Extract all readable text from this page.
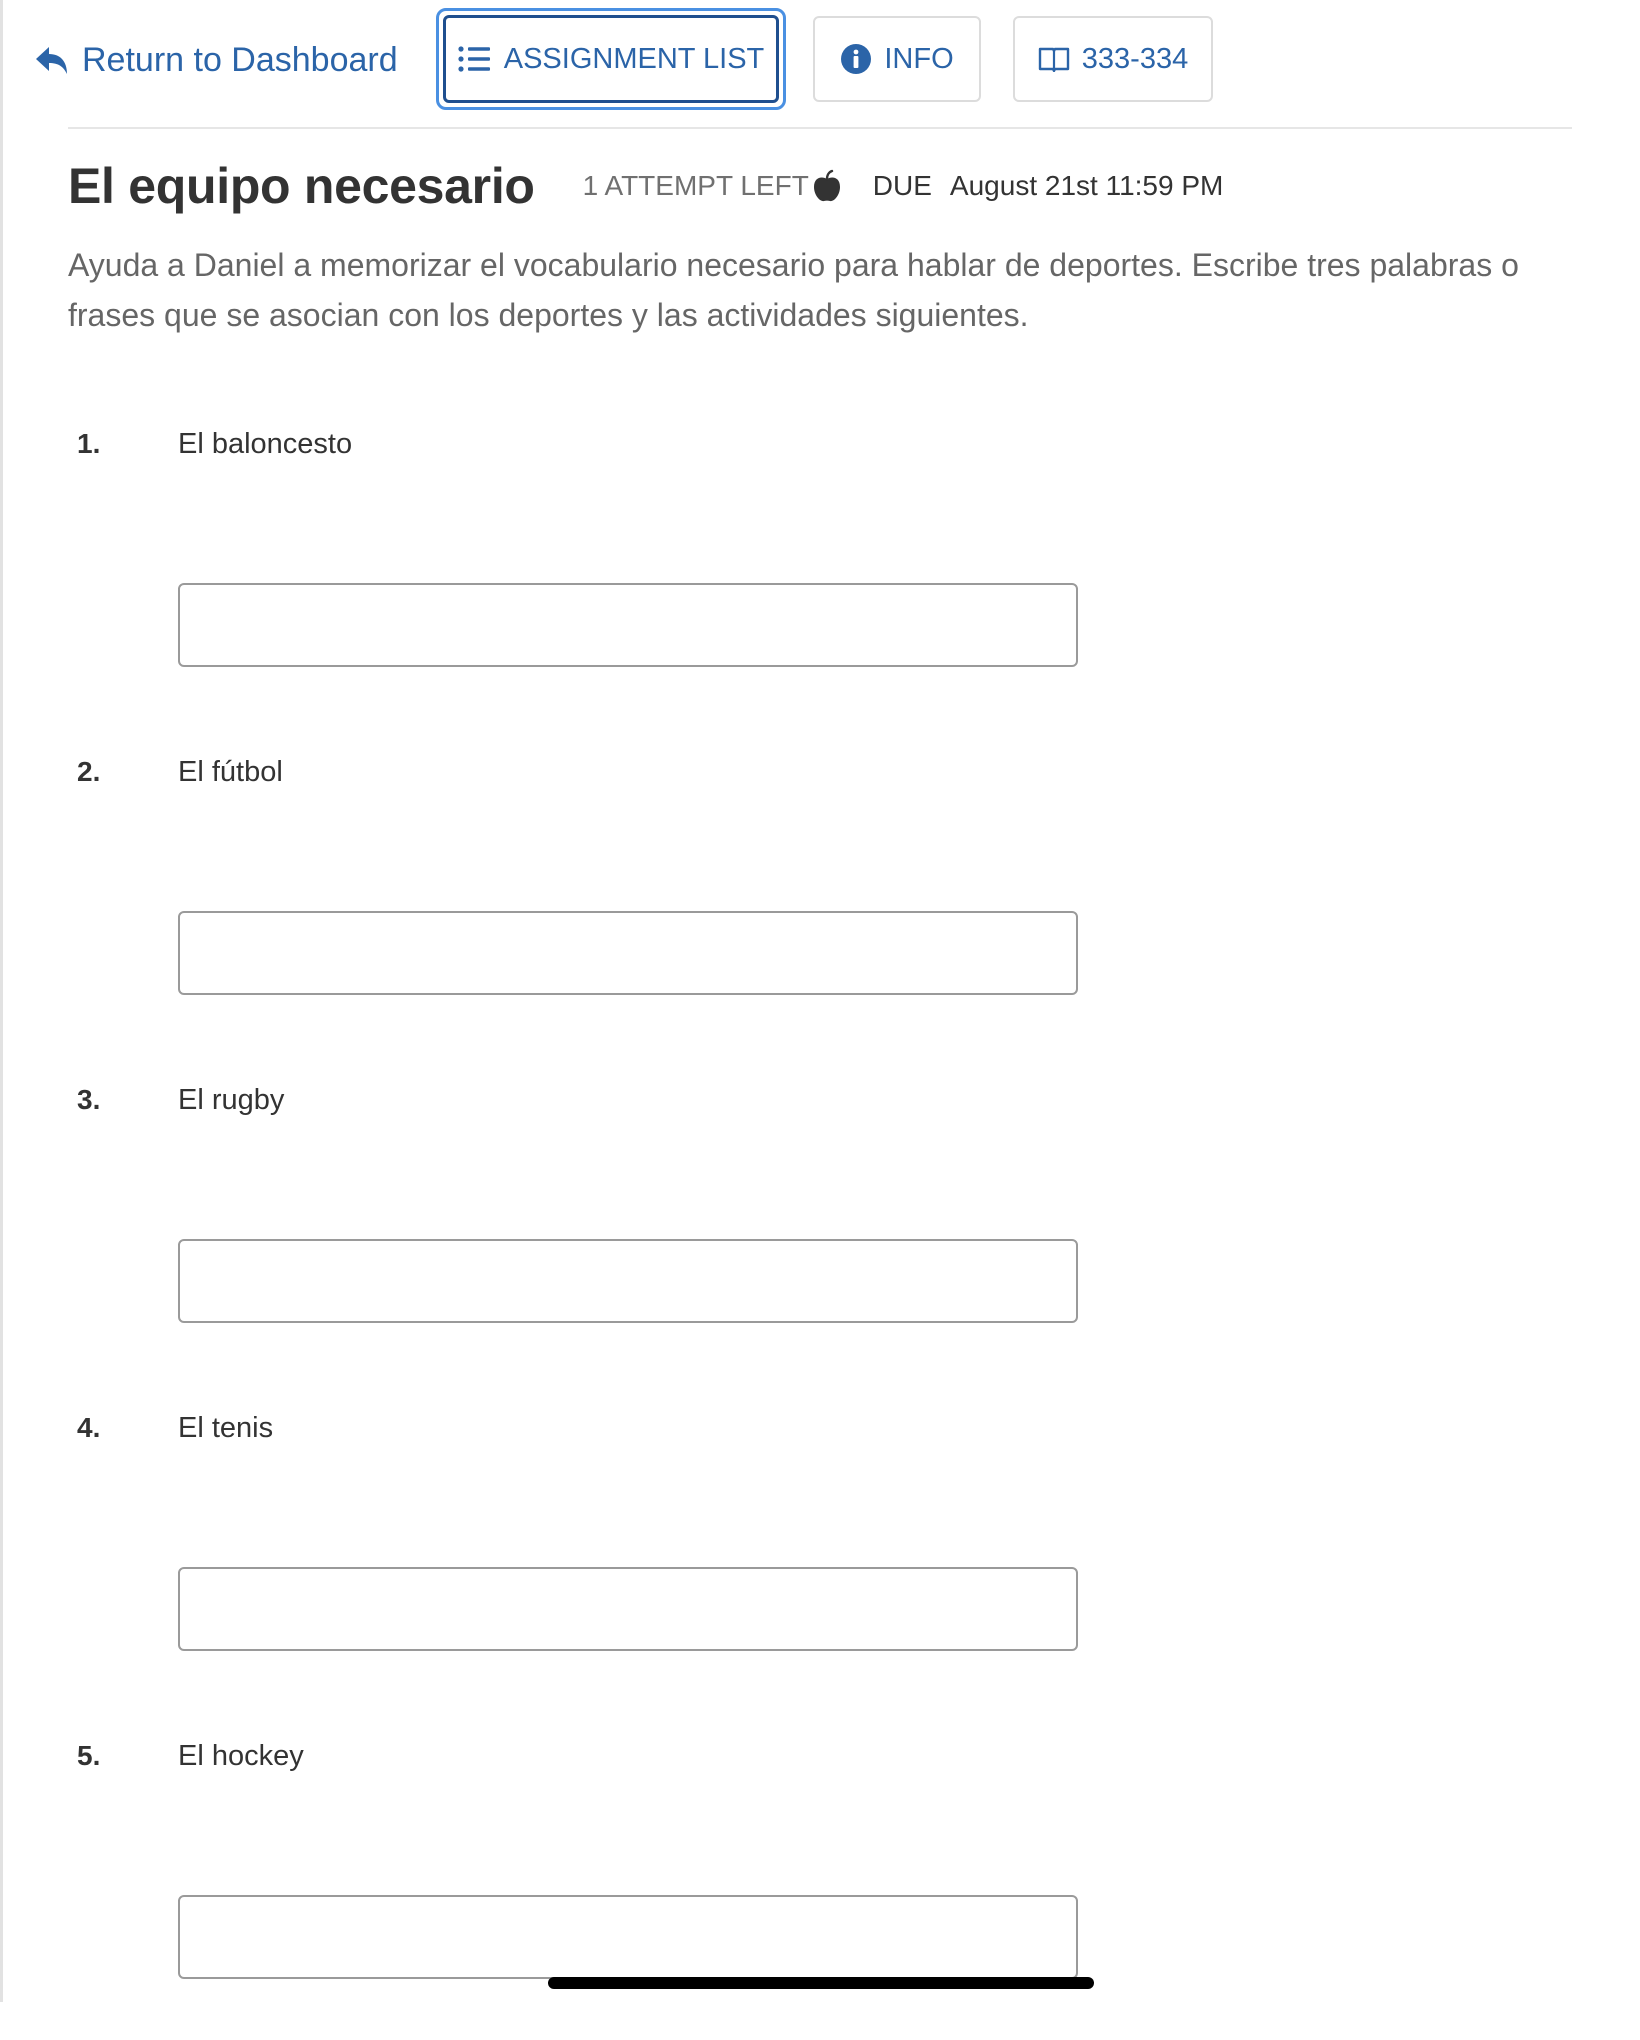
Return to Dashboard	ASSIGNMENT LIST	INFO	333-334
El equipo necesario 1 ATTEMPT LEFT DUE August 21st 11:59 PM

Ayuda a Daniel a memorizar el vocabulario necesario para hablar de deportes. Escribe tres palabras o frases que se asocian con los deportes y las actividades siguientes.

1.	El baloncesto
2.	El fútbol
3.	El rugby
4.	El tenis
5.	El hockey
